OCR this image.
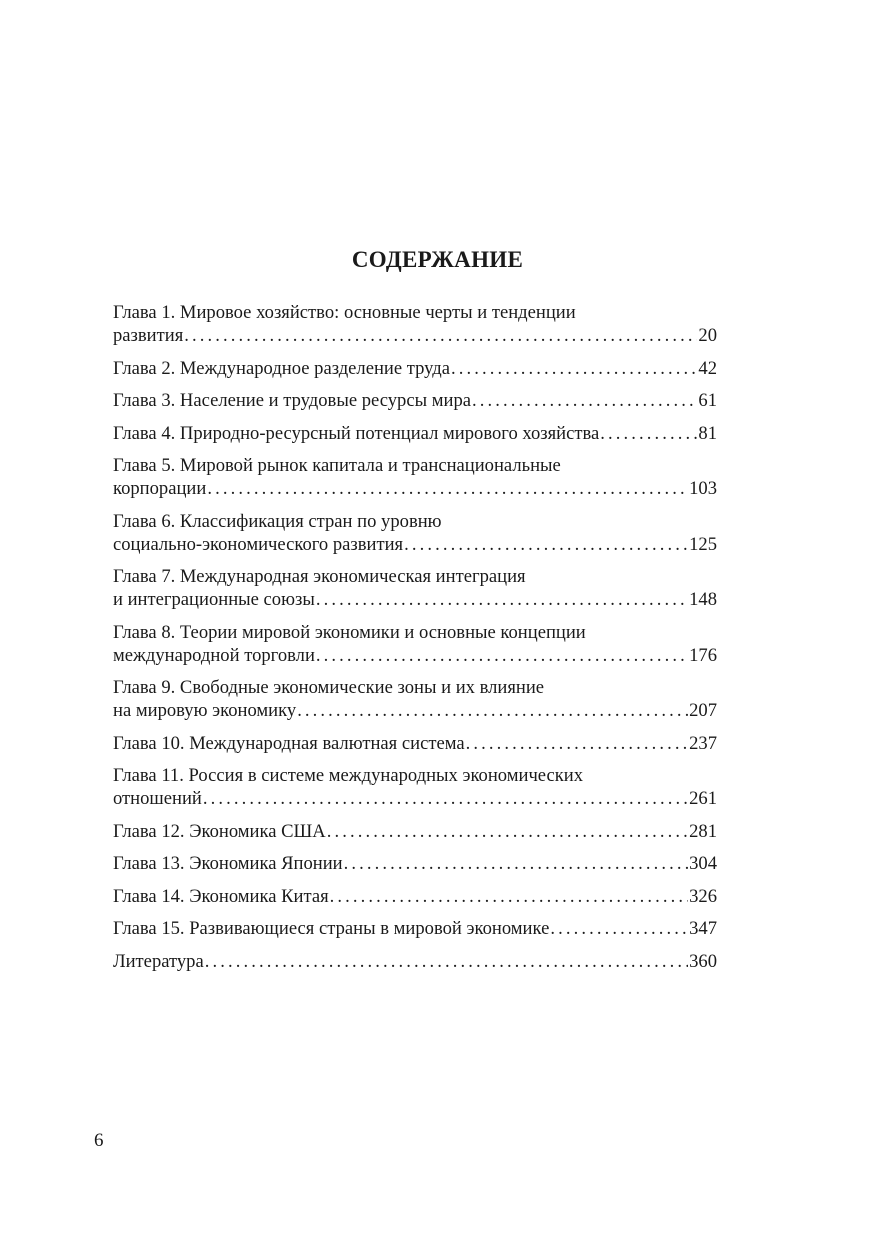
СОДЕРЖАНИЕ
Глава 1. Мировое хозяйство: основные черты и тенденции
развития .....	20
Глава 2. Международное разделение труда .....	42
Глава 3. Население и трудовые ресурсы мира .....	61
Глава 4. Природно-ресурсный потенциал мирового хозяйства .....	81
Глава 5. Мировой рынок капитала и транснациональные
корпорации .....	103
Глава 6. Классификация стран по уровню
социально-экономического развития .....	125
Глава 7. Международная экономическая интеграция
и интеграционные союзы .....	148
Глава 8. Теории мировой экономики и основные концепции
международной торговли .....	176
Глава 9. Свободные экономические зоны и их влияние
на мировую экономику .....	207
Глава 10. Международная валютная система .....	237
Глава 11. Россия в системе международных экономических
отношений .....	261
Глава 12. Экономика США .....	281
Глава 13. Экономика Японии .....	304
Глава 14. Экономика Китая .....	326
Глава 15. Развивающиеся страны в мировой экономике .....	347
Литература .....	360
6
